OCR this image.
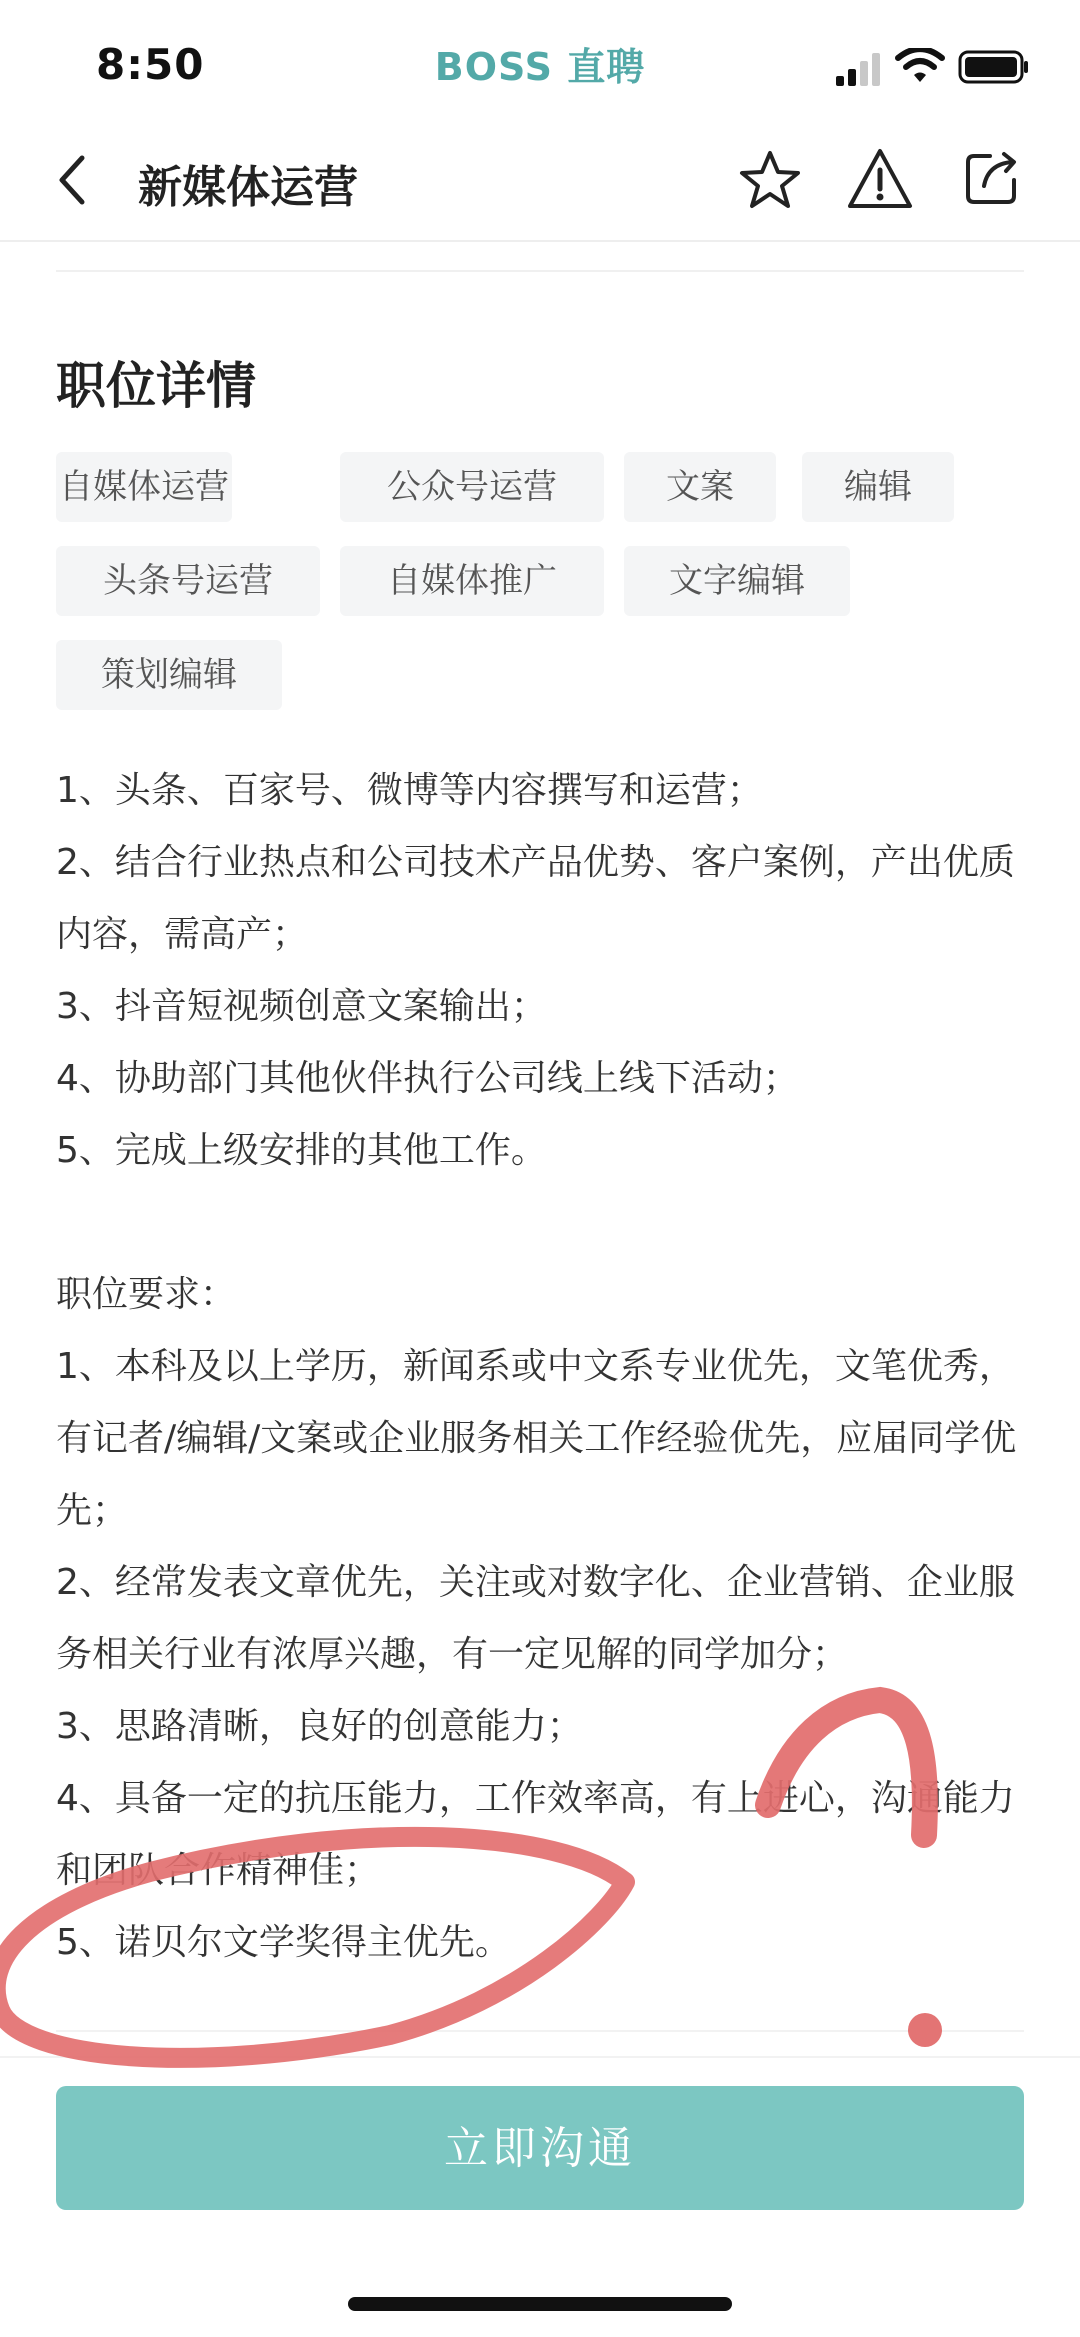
8:50	BOSS 直聘
新媒体运营
职位详情
自媒体运营	公众号运营	文案	编辑
头条号运营	自媒体推广	文字编辑
策划编辑

1、头条、百家号、微博等内容撰写和运营；

2、结合行业热点和公司技术产品优势、客户案例，产出优质内容，需高产；

3、抖音短视频创意文案输出；

4、协助部门其他伙伴执行公司线上线下活动；

5、完成上级安排的其他工作。

职位要求：

1、本科及以上学历，新闻系或中文系专业优先，文笔优秀，有记者/编辑/文案或企业服务相关工作经验优先，应届同学优先；

2、经常发表文章优先，关注或对数字化、企业营销、企业服务相关行业有浓厚兴趣，有一定见解的同学加分；

3、思路清晰，良好的创意能力；

4、具备一定的抗压能力，工作效率高，有上进心，沟通能力和团队合作精神佳；

5、诺贝尔文学奖得主优先。

立即沟通
